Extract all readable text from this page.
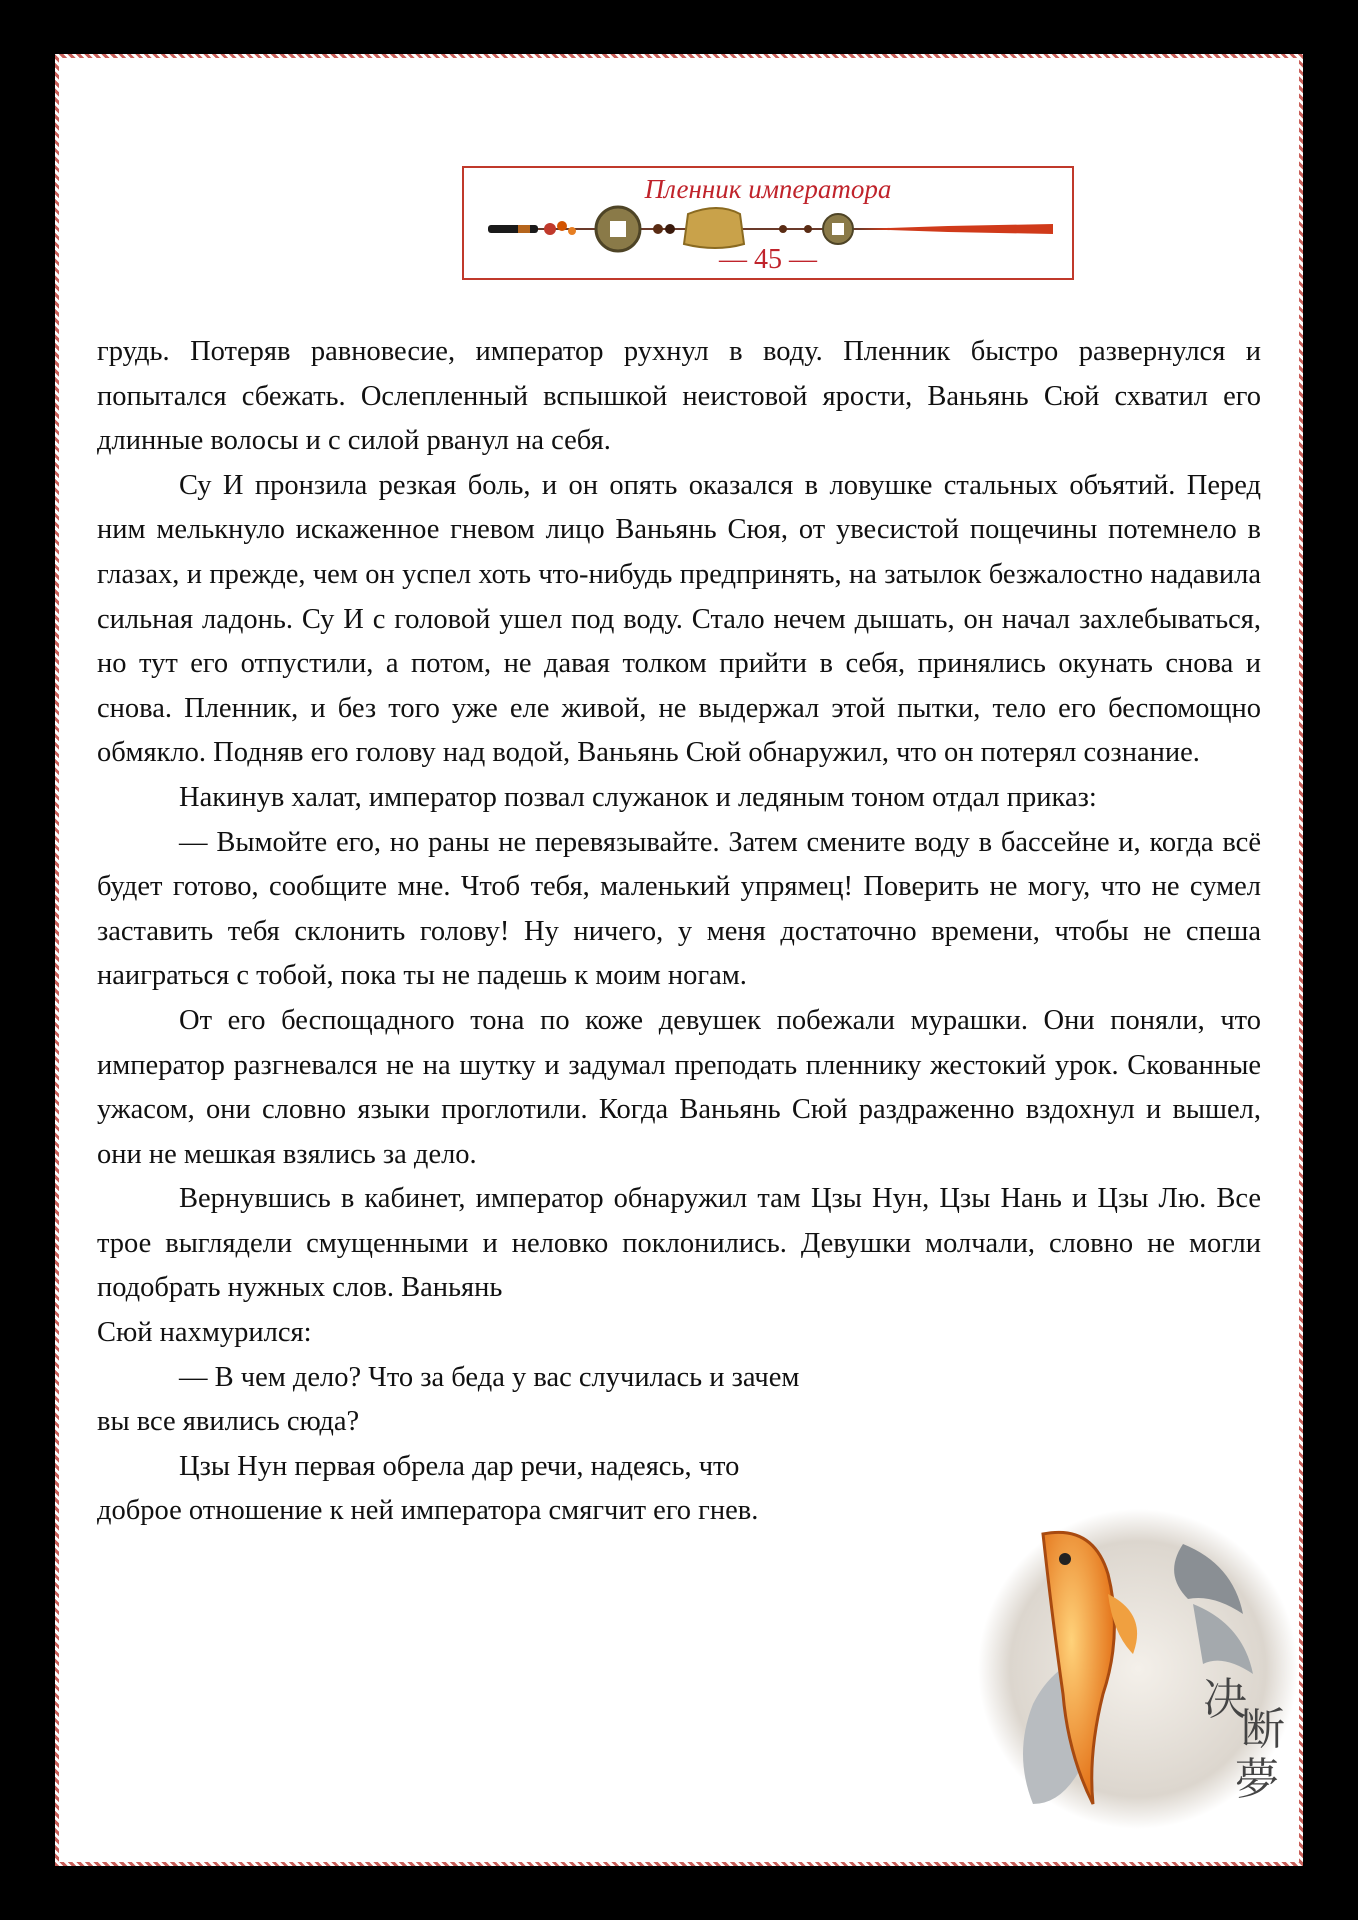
Пленник императора
— 45 —

грудь. Потеряв равновесие, император рухнул в воду. Пленник быстро развернулся и попытался сбежать. Ослепленный вспышкой неистовой ярости, Ваньянь Сюй схватил его длинные волосы и с силой рванул на себя.

Су И пронзила резкая боль, и он опять оказался в ловушке стальных объятий. Перед ним мелькнуло искаженное гневом лицо Ваньянь Сюя, от увесистой пощечины потемнело в глазах, и прежде, чем он успел хоть что-нибудь предпринять, на затылок безжалостно надавила сильная ладонь. Су И с головой ушел под воду. Стало нечем дышать, он начал захлебываться, но тут его отпустили, а потом, не давая толком прийти в себя, принялись окунать снова и снова. Пленник, и без того уже еле живой, не выдержал этой пытки, тело его беспомощно обмякло. Подняв его голову над водой, Ваньянь Сюй обнаружил, что он потерял сознание.

Накинув халат, император позвал служанок и ледяным тоном отдал приказ:

— Вымойте его, но раны не перевязывайте. Затем смените воду в бассейне и, когда всё будет готово, сообщите мне. Чтоб тебя, маленький упрямец! Поверить не могу, что не сумел заставить тебя склонить голову! Ну ничего, у меня достаточно времени, чтобы не спеша наиграться с тобой, пока ты не падешь к моим ногам.

От его беспощадного тона по коже девушек побежали мурашки. Они поняли, что император разгневался не на шутку и задумал преподать пленнику жестокий урок. Скованные ужасом, они словно языки проглотили. Когда Ваньянь Сюй раздраженно вздохнул и вышел, они не мешкая взялись за дело.

Вернувшись в кабинет, император обнаружил там Цзы Нун, Цзы Нань и Цзы Лю. Все трое выглядели смущенными и неловко поклонились. Девушки молчали, словно не могли подобрать нужных слов. Ваньянь

Сюй нахмурился:
— В чем дело? Что за беда у вас случилась и зачем
вы все явились сюда?
Цзы Нун первая обрела дар речи, надеясь, что
доброе отношение к ней императора смягчит его гнев.
决
断
夢
